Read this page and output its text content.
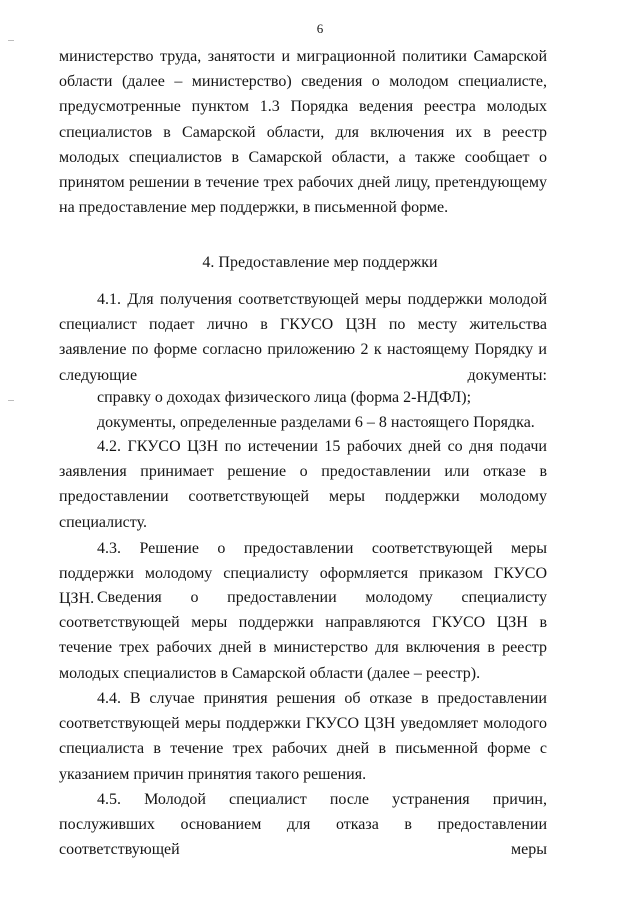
6

министерство труда, занятости и миграционной политики Самарской области (далее – министерство) сведения о молодом специалисте, предусмотренные пунктом 1.3 Порядка ведения реестра молодых специалистов в Самарской области, для включения их в реестр молодых специалистов в Самарской области, а также сообщает о принятом решении в течение трех рабочих дней лицу, претендующему на предоставление мер поддержки, в письменной форме.

4. Предоставление мер поддержки

4.1. Для получения соответствующей меры поддержки молодой специалист подает лично в ГКУСО ЦЗН по месту жительства заявление по форме согласно приложению 2 к настоящему Порядку и следующие документы:

справку о доходах физического лица (форма 2-НДФЛ);

документы, определенные разделами 6 – 8 настоящего Порядка.

4.2. ГКУСО ЦЗН по истечении 15 рабочих дней со дня подачи заявления принимает решение о предоставлении или отказе в предоставлении соответствующей меры поддержки молодому специалисту.

4.3. Решение о предоставлении соответствующей меры поддержки молодому специалисту оформляется приказом ГКУСО ЦЗН. Сведения о предоставлении молодому специалисту соответствующей меры поддержки направляются ГКУСО ЦЗН в течение трех рабочих дней в министерство для включения в реестр молодых специалистов в Самарской области (далее – реестр).

4.4. В случае принятия решения об отказе в предоставлении соответствующей меры поддержки ГКУСО ЦЗН уведомляет молодого специалиста в течение трех рабочих дней в письменной форме с указанием причин принятия такого решения.

4.5. Молодой специалист после устранения причин, послуживших основанием для отказа в предоставлении соответствующей меры
